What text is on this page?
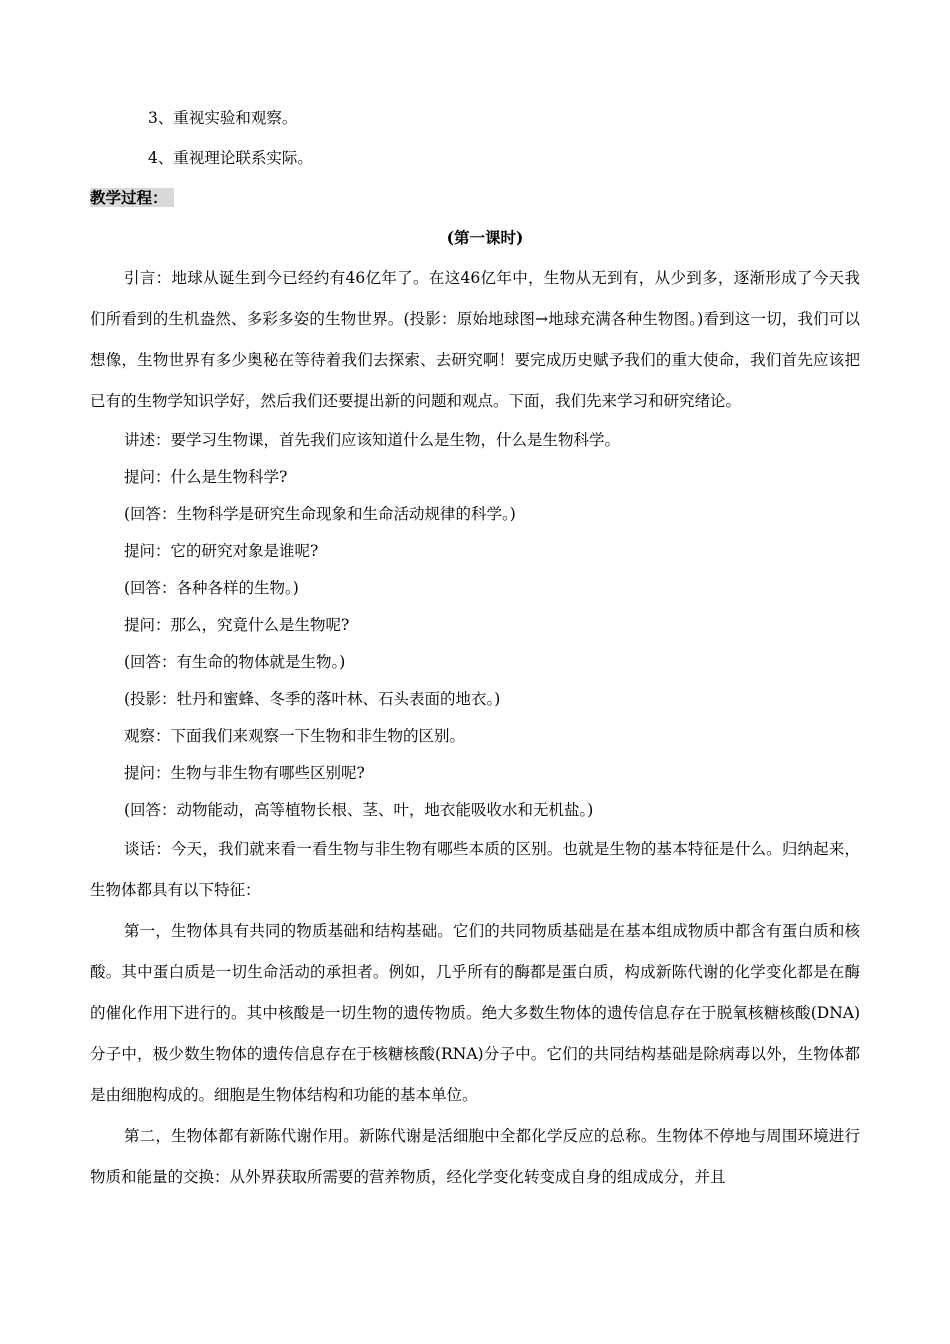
3、重视实验和观察。

4、重视理论联系实际。

教学过程：

(第一课时)

引言：地球从诞生到今已经约有46亿年了。在这46亿年中，生物从无到有，从少到多，逐渐形成了今天我们所看到的生机盎然、多彩多姿的生物世界。(投影：原始地球图→地球充满各种生物图。)看到这一切，我们可以想像，生物世界有多少奥秘在等待着我们去探索、去研究啊！要完成历史赋予我们的重大使命，我们首先应该把已有的生物学知识学好，然后我们还要提出新的问题和观点。下面，我们先来学习和研究绪论。

讲述：要学习生物课，首先我们应该知道什么是生物，什么是生物科学。

提问：什么是生物科学?

(回答：生物科学是研究生命现象和生命活动规律的科学。)

提问：它的研究对象是谁呢?

(回答：各种各样的生物。)

提问：那么，究竟什么是生物呢?

(回答：有生命的物体就是生物。)

(投影：牡丹和蜜蜂、冬季的落叶林、石头表面的地衣。)

观察：下面我们来观察一下生物和非生物的区别。

提问：生物与非生物有哪些区别呢?

(回答：动物能动，高等植物长根、茎、叶，地衣能吸收水和无机盐。)

谈话：今天，我们就来看一看生物与非生物有哪些本质的区别。也就是生物的基本特征是什么。归纳起来，生物体都具有以下特征：

第一，生物体具有共同的物质基础和结构基础。它们的共同物质基础是在基本组成物质中都含有蛋白质和核酸。其中蛋白质是一切生命活动的承担者。例如，几乎所有的酶都是蛋白质，构成新陈代谢的化学变化都是在酶的催化作用下进行的。其中核酸是一切生物的遗传物质。绝大多数生物体的遗传信息存在于脱氧核糖核酸(DNA)分子中，极少数生物体的遗传信息存在于核糖核酸(RNA)分子中。它们的共同结构基础是除病毒以外，生物体都是由细胞构成的。细胞是生物体结构和功能的基本单位。

第二，生物体都有新陈代谢作用。新陈代谢是活细胞中全都化学反应的总称。生物体不停地与周围环境进行物质和能量的交换：从外界获取所需要的营养物质，经化学变化转变成自身的组成成分，并且
